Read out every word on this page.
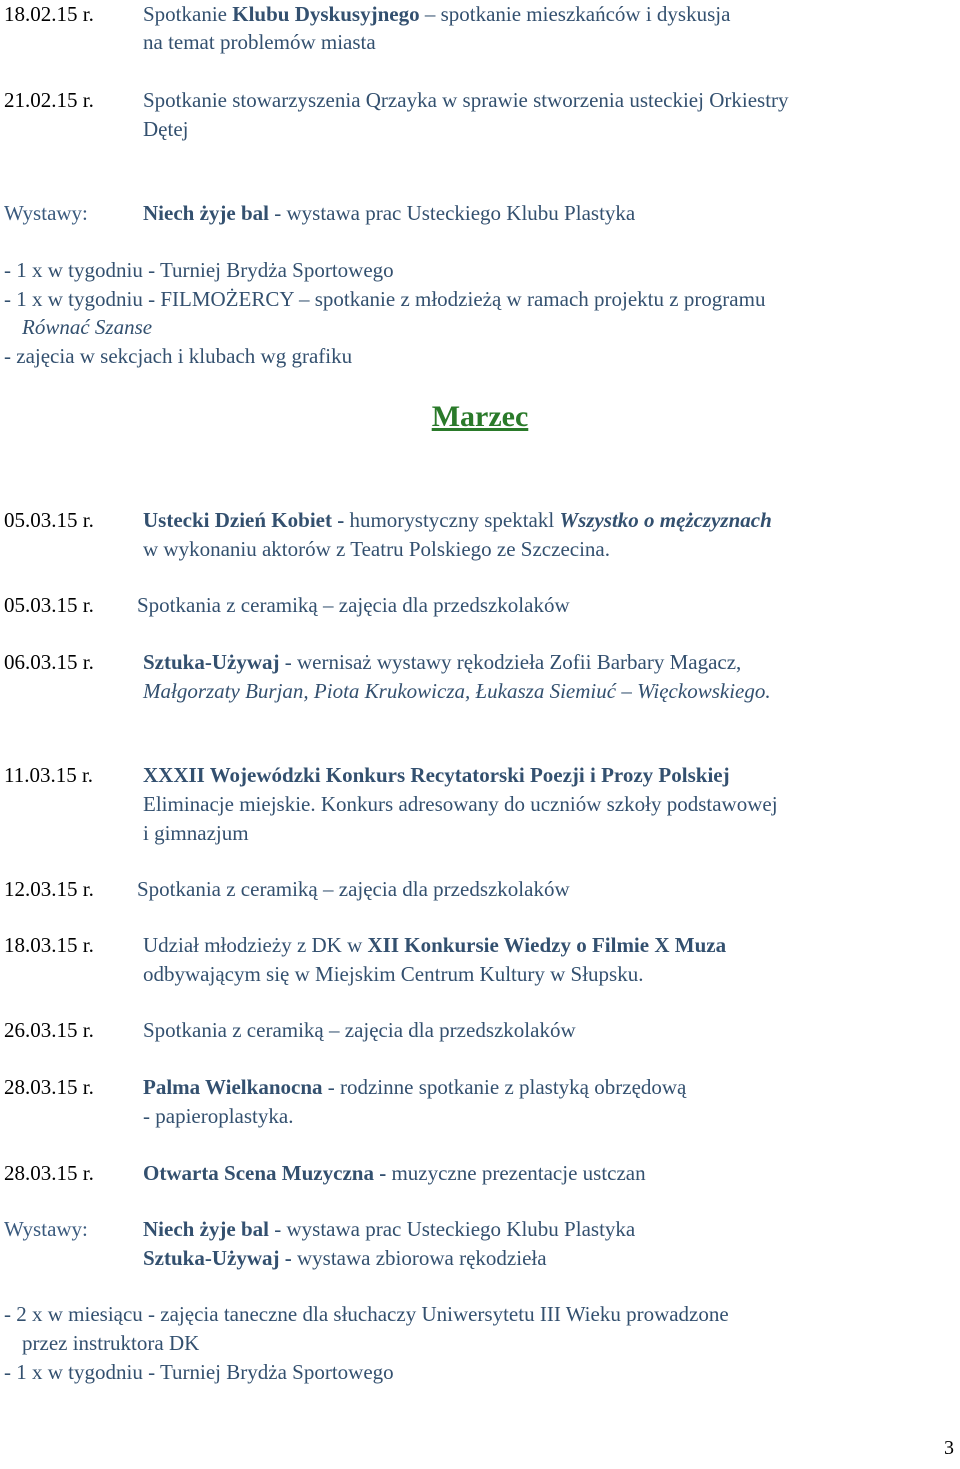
18.02.15 r. Spotkanie Klubu Dyskusyjnego – spotkanie mieszkańców i dyskusja
na temat problemów miasta
21.02.15 r. Spotkanie stowarzyszenia Qrzayka w sprawie stworzenia usteckiej Orkiestry
Dętej
Wystawy:	Niech żyje bal - wystawa prac Usteckiego Klubu Plastyka
- 1 x w tygodniu - Turniej Brydża Sportowego
- 1 x w tygodniu - FILMOŻERCY – spotkanie z młodzieżą w ramach projektu z programu
Równać Szanse
- zajęcia w sekcjach i klubach wg grafiku
Marzec
05.03.15 r. Ustecki Dzień Kobiet - humorystyczny spektakl Wszystko o mężczyznach
w wykonaniu aktorów z Teatru Polskiego ze Szczecina.
05.03.15 r. Spotkania z ceramiką – zajęcia dla przedszkolaków
06.03.15 r. Sztuka-Używaj - wernisaż wystawy rękodzieła Zofii Barbary Magacz,
Małgorzaty Burjan, Piota Krukowicza, Łukasza Siemiuć – Więckowskiego.
11.03.15 r. XXXII Wojewódzki Konkurs Recytatorski Poezji i Prozy Polskiej
Eliminacje miejskie. Konkurs adresowany do uczniów szkoły podstawowej
i gimnazjum
12.03.15 r. Spotkania z ceramiką – zajęcia dla przedszkolaków
18.03.15 r. Udział młodzieży z DK w XII Konkursie Wiedzy o Filmie X Muza
odbywającym się w Miejskim Centrum Kultury w Słupsku.
26.03.15 r. Spotkania z ceramiką – zajęcia dla przedszkolaków
28.03.15 r. Palma Wielkanocna - rodzinne spotkanie z plastyką obrzędową
- papieroplastyka.
28.03.15 r. Otwarta Scena Muzyczna - muzyczne prezentacje ustczan
Wystawy:	Niech żyje bal - wystawa prac Usteckiego Klubu Plastyka
Sztuka-Używaj - wystawa zbiorowa rękodzieła
- 2 x w miesiącu - zajęcia taneczne dla słuchaczy Uniwersytetu III Wieku prowadzone
przez instruktora DK
- 1 x w tygodniu - Turniej Brydża Sportowego
3
